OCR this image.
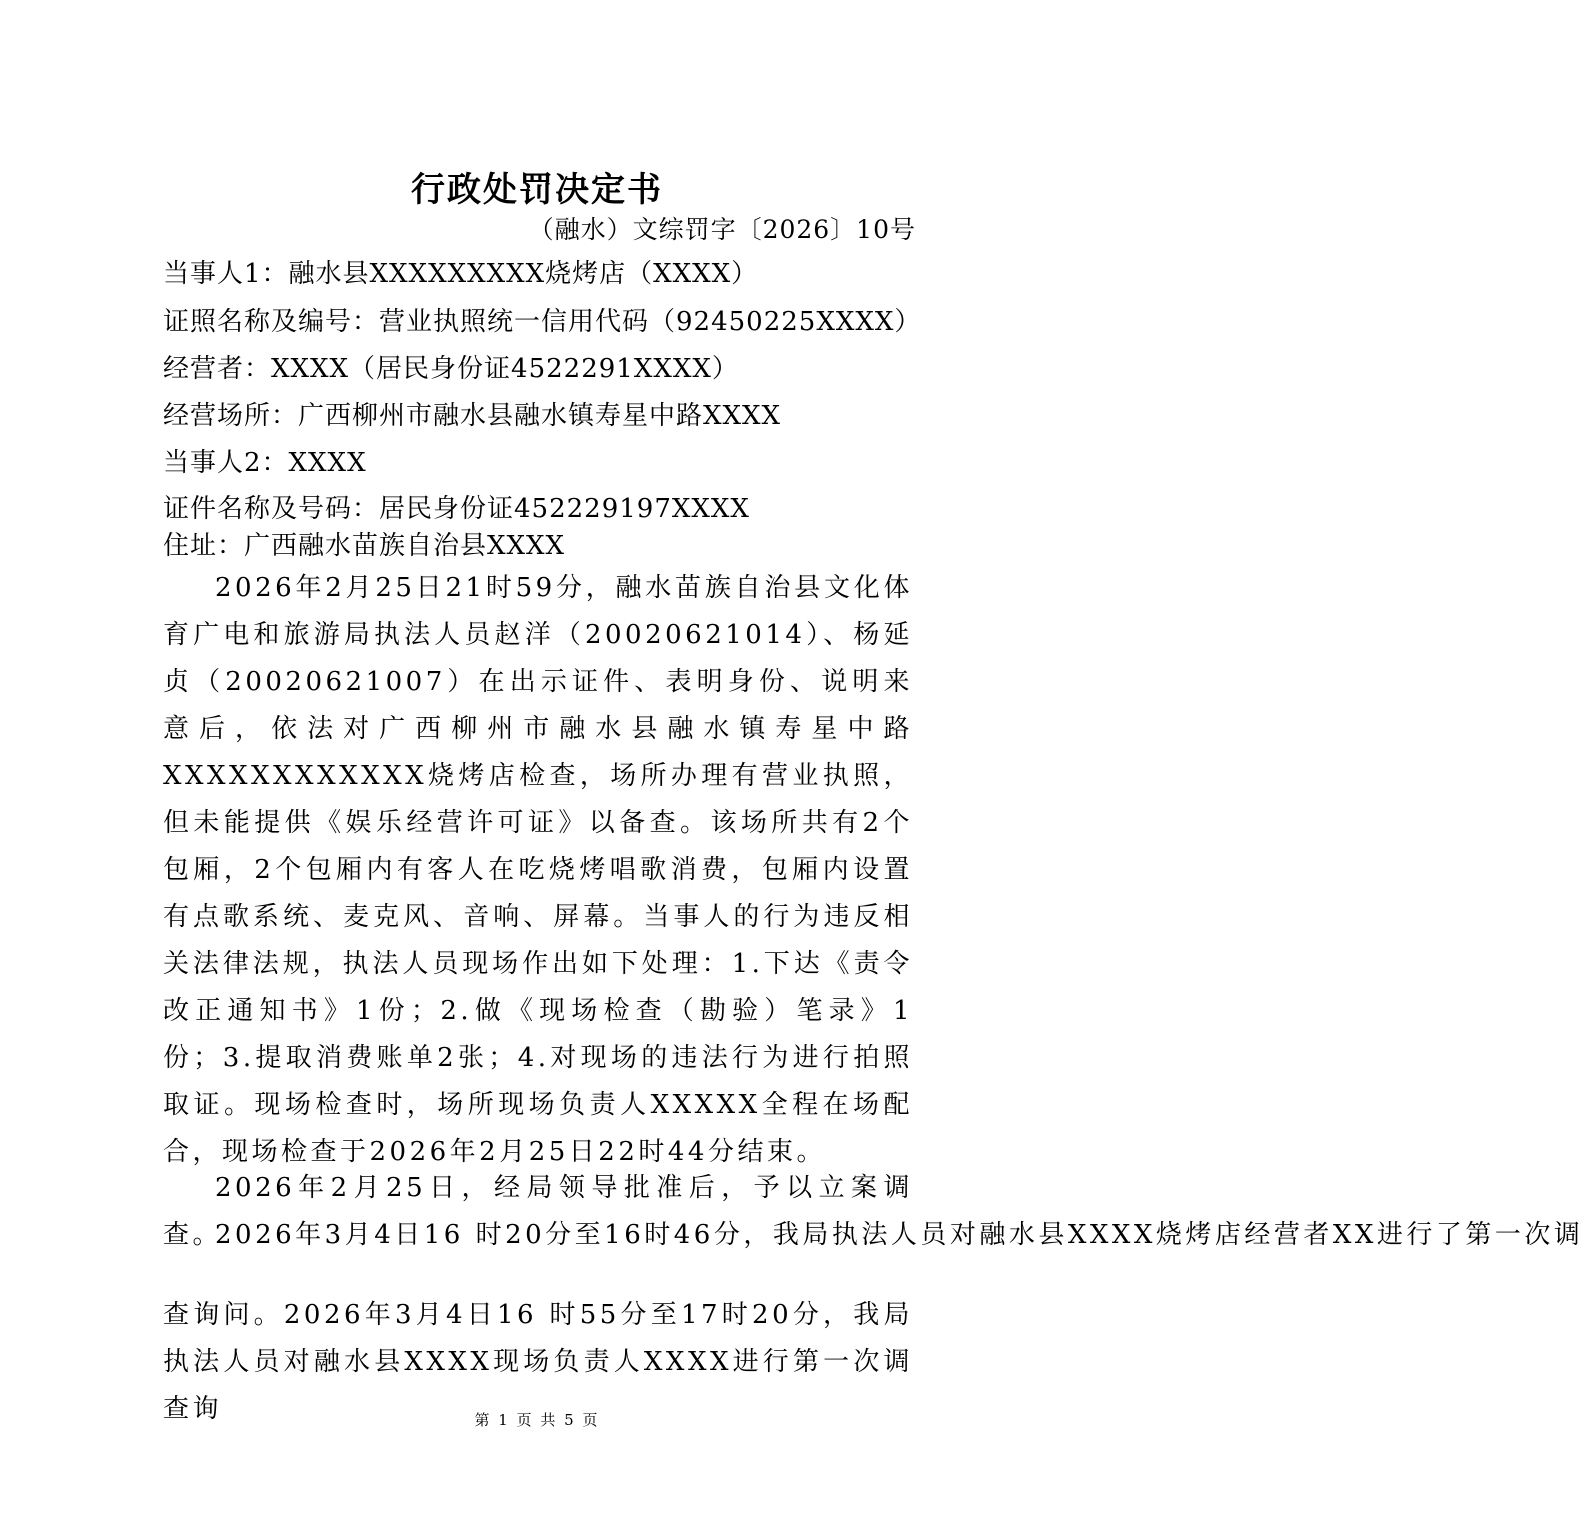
行政处罚决定书
（融水）文综罚字〔2026〕10号
当事人1：融水县XXXXXXXXX烧烤店（XXXX）
证照名称及编号：营业执照统一信用代码（92450225XXXX）
经营者：XXXX（居民身份证4522291XXXX）
经营场所：广西柳州市融水县融水镇寿星中路XXXX
当事人2：XXXX
证件名称及号码：居民身份证452229197XXXX
住址：广西融水苗族自治县XXXX
2026年2月25日21时59分，融水苗族自治县文化体育广电和旅游局执法人员赵洋（20020621014）、杨延贞（20020621007）在出示证件、表明身份、说明来意后，依法对广西柳州市融水县融水镇寿星中路XXXXXXXXXXXX烧烤店检查，场所办理有营业执照，但未能提供《娱乐经营许可证》以备查。该场所共有2个包厢，2个包厢内有客人在吃烧烤唱歌消费，包厢内设置有点歌系统、麦克风、音响、屏幕。当事人的行为违反相关法律法规，执法人员现场作出如下处理：1.下达《责令改正通知书》1份；2.做《现场检查（勘验）笔录》1份；3.提取消费账单2张；4.对现场的违法行为进行拍照取证。现场检查时，场所现场负责人XXXXX全程在场配合，现场检查于2026年2月25日22时44分结束。
2026年2月25日，经局领导批准后，予以立案调查。
2026年3月4日16 时20分至16时46分，我局执法人员对融水县XXXX烧烤店经营者XX进行了第一次调
查询问。2026年3月4日16 时55分至17时20分，我局执法人员对融水县XXXX现场负责人XXXX进行第一次调查询	第 1 页 共 5 页
